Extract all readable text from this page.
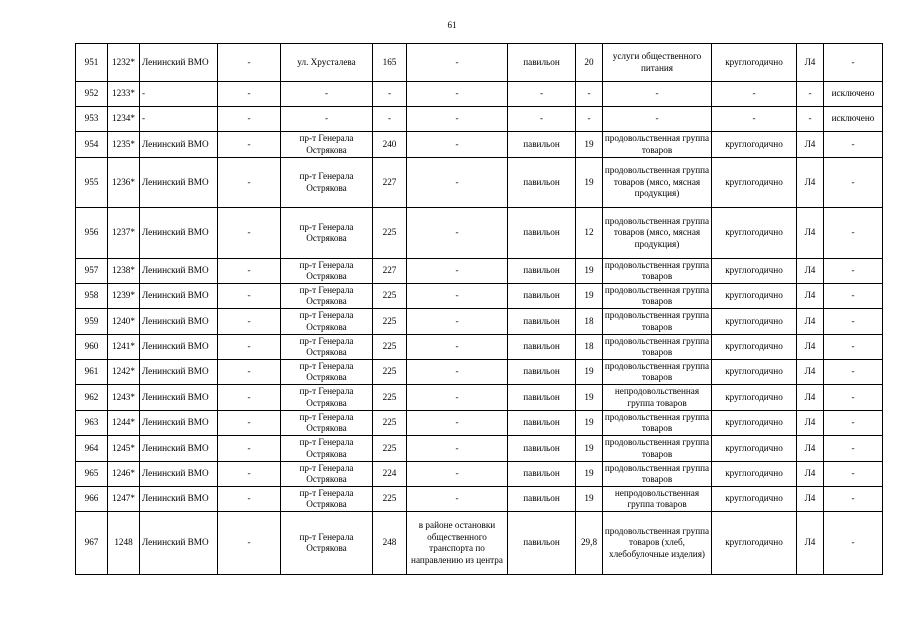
61
951	1232*	Ленинский ВМО	-	ул. Хрусталева	165	-	павильон	20	услуги общественного питания	круглогодично	Л4	-
952	1233*	-	-	-	-	-	-	-	-	-	-	исключено
953	1234*	-	-	-	-	-	-	-	-	-	-	исключено
954	1235*	Ленинский ВМО	-	пр-т Генерала Острякова	240	-	павильон	19	продовольственная группа товаров	круглогодично	Л4	-
955	1236*	Ленинский ВМО	-	пр-т Генерала Острякова	227	-	павильон	19	продовольственная группа товаров (мясо, мясная продукция)	круглогодично	Л4	-
956	1237*	Ленинский ВМО	-	пр-т Генерала Острякова	225	-	павильон	12	продовольственная группа товаров (мясо, мясная продукция)	круглогодично	Л4	-
957	1238*	Ленинский ВМО	-	пр-т Генерала Острякова	227	-	павильон	19	продовольственная группа товаров	круглогодично	Л4	-
958	1239*	Ленинский ВМО	-	пр-т Генерала Острякова	225	-	павильон	19	продовольственная группа товаров	круглогодично	Л4	-
959	1240*	Ленинский ВМО	-	пр-т Генерала Острякова	225	-	павильон	18	продовольственная группа товаров	круглогодично	Л4	-
960	1241*	Ленинский ВМО	-	пр-т Генерала Острякова	225	-	павильон	18	продовольственная группа товаров	круглогодично	Л4	-
961	1242*	Ленинский ВМО	-	пр-т Генерала Острякова	225	-	павильон	19	продовольственная группа товаров	круглогодично	Л4	-
962	1243*	Ленинский ВМО	-	пр-т Генерала Острякова	225	-	павильон	19	непродовольственная группа товаров	круглогодично	Л4	-
963	1244*	Ленинский ВМО	-	пр-т Генерала Острякова	225	-	павильон	19	продовольственная группа товаров	круглогодично	Л4	-
964	1245*	Ленинский ВМО	-	пр-т Генерала Острякова	225	-	павильон	19	продовольственная группа товаров	круглогодично	Л4	-
965	1246*	Ленинский ВМО	-	пр-т Генерала Острякова	224	-	павильон	19	продовольственная группа товаров	круглогодично	Л4	-
966	1247*	Ленинский ВМО	-	пр-т Генерала Острякова	225	-	павильон	19	непродовольственная группа товаров	круглогодично	Л4	-
967	1248	Ленинский ВМО	-	пр-т Генерала Острякова	248	в районе остановки общественного транспорта по направлению из центра	павильон	29,8	продовольственная группа товаров (хлеб, хлебобулочные изделия)	круглогодично	Л4	-
